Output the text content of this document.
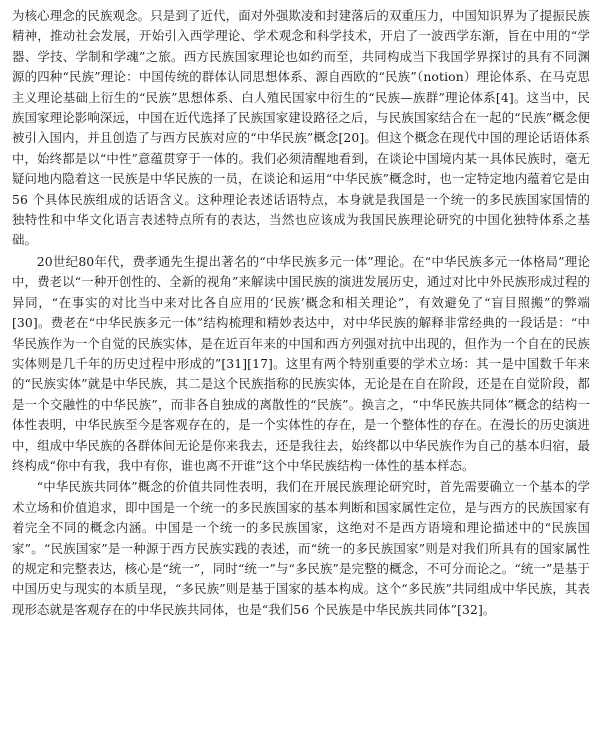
为核心理念的民族观念。只是到了近代，面对外强欺凌和封建落后的双重压力，中国知识界为了提振民族精神，推动社会发展，开始引入西学理论、学术观念和科学技术，开启了一波西学东渐，旨在中用的“学器、学技、学制和学魂”之旅。西方民族国家理论也如约而至，共同构成当下我国学界探讨的具有不同渊源的四种“民族”理论：中国传统的群体认同思想体系、源自西欧的“民族”（notion）理论体系、在马克思主义理论基础上衍生的“民族”思想体系、白人殖民国家中衍生的“民族—族群”理论体系[4]。这当中，民族国家理论影响深远，中国在近代选择了民族国家建设路径之后，与民族国家结合在一起的“民族”概念便被引入国内，并且创造了与西方民族对应的“中华民族”概念[20]。但这个概念在现代中国的理论话语体系中，始终都是以“中性”意蕴贯穿于一体的。我们必须清醒地看到，在谈论中国境内某一具体民族时，毫无疑问地内隐着这一民族是中华民族的一员，在谈论和运用“中华民族”概念时，也一定特定地内蕴着它是由 56 个具体民族组成的话语含义。这种理论表述话语特点，本身就是我国是一个统一的多民族国家国情的独特性和中华文化语言表述特点所有的表达，当然也应该成为我国民族理论研究的中国化独特体系之基础。

20世纪80年代，费孝通先生提出著名的“中华民族多元一体”理论。在“中华民族多元一体格局”理论中，费老以“一种开创性的、全新的视角”来解读中国民族的演进发展历史，通过对比中外民族形成过程的异同，“在事实的对比当中来对比各自应用的‘民族’概念和相关理论”，有效避免了“盲目照搬”的弊端[30]。费老在“中华民族多元一体”结构梳理和精妙表达中，对中华民族的解释非常经典的一段话是：“中华民族作为一个自觉的民族实体，是在近百年来的中国和西方列强对抗中出现的，但作为一个自在的民族实体则是几千年的历史过程中形成的”[31][17]。这里有两个特别重要的学术立场：其一是中国数千年来的“民族实体”就是中华民族，其二是这个民族指称的民族实体，无论是在自在阶段，还是在自觉阶段，都是一个交融性的中华民族”，而非各自独成的离散性的“民族”。换言之，“中华民族共同体”概念的结构一体性表明，中华民族至今是客观存在的，是一个实体性的存在，是一个整体性的存在。在漫长的历史演进中，组成中华民族的各群体间无论是你来我去，还是我往去，始终都以中华民族作为自己的基本归宿，最终构成“你中有我，我中有你，谁也离不开谁”这个中华民族结构一体性的基本样态。

“中华民族共同体”概念的价值共同性表明，我们在开展民族理论研究时，首先需要确立一个基本的学术立场和价值追求，即中国是一个统一的多民族国家的基本判断和国家属性定位，是与西方的民族国家有着完全不同的概念内涵。中国是一个统一的多民族国家，这绝对不是西方语境和理论描述中的“民族国家”。“民族国家”是一种源于西方民族实践的表述，而“统一的多民族国家”则是对我们所具有的国家属性的规定和完整表达，核心是“统一”，同时“统一”与“多民族”是完整的概念，不可分而论之。“统一”是基于中国历史与现实的本质呈现，“多民族”则是基于国家的基本构成。这个“多民族”共同组成中华民族，其表现形态就是客观存在的中华民族共同体，也是“我们56 个民族是中华民族共同体”[32]。
